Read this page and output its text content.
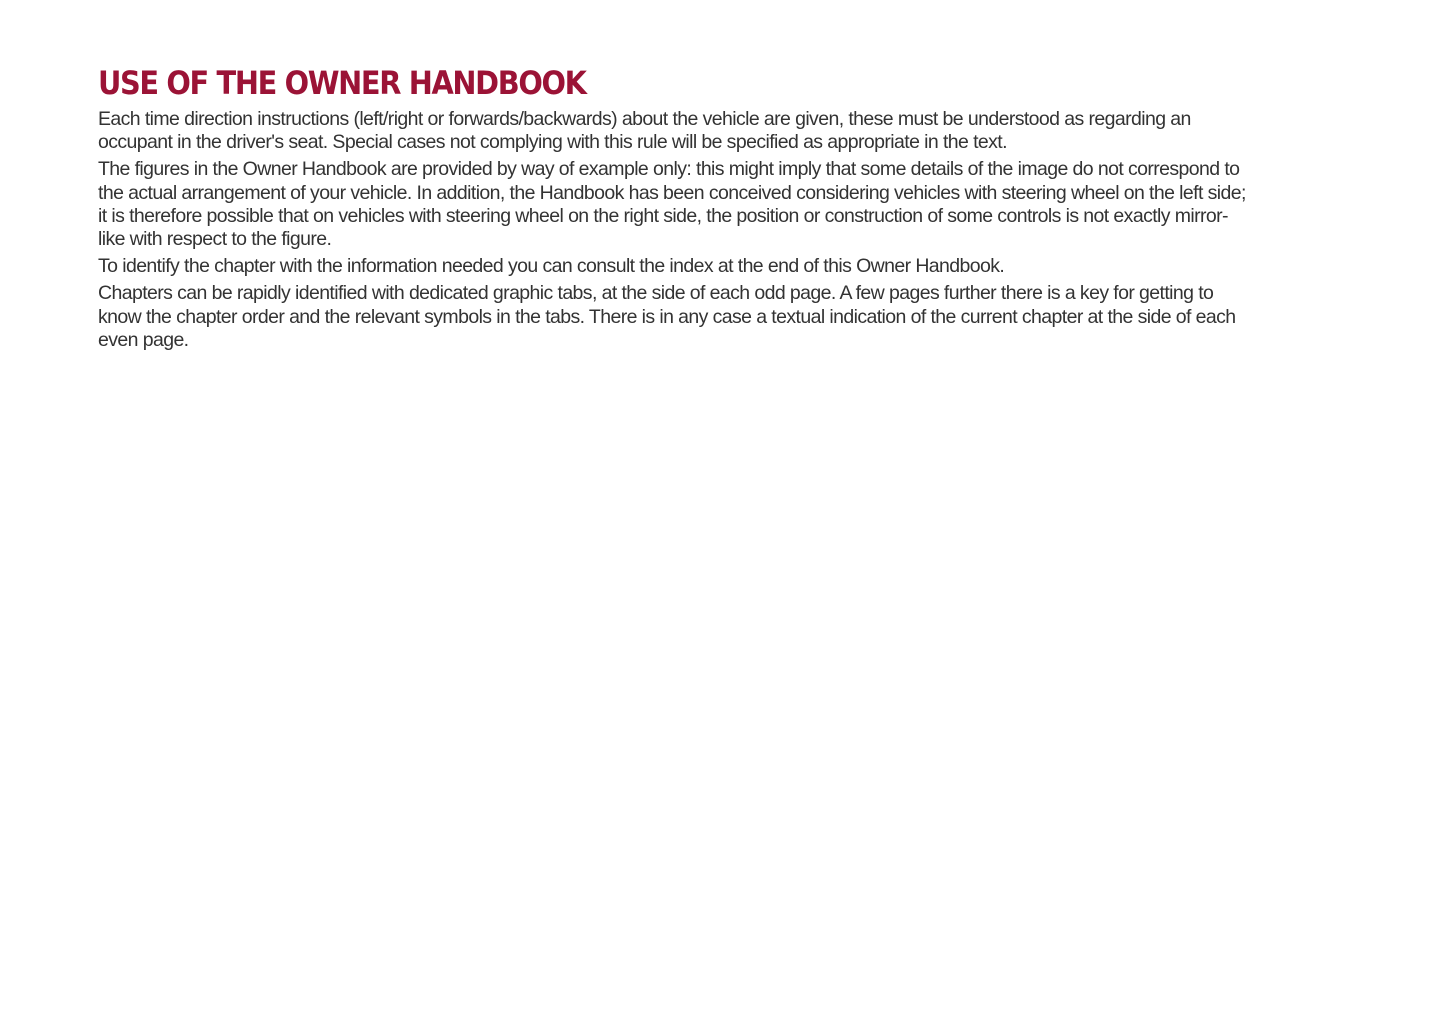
USE OF THE OWNER HANDBOOK

Each time direction instructions (left/right or forwards/backwards) about the vehicle are given, these must be understood as regarding an occupant in the driver's seat. Special cases not complying with this rule will be specified as appropriate in the text.

The figures in the Owner Handbook are provided by way of example only: this might imply that some details of the image do not correspond to the actual arrangement of your vehicle. In addition, the Handbook has been conceived considering vehicles with steering wheel on the left side; it is therefore possible that on vehicles with steering wheel on the right side, the position or construction of some controls is not exactly mirror-like with respect to the figure.

To identify the chapter with the information needed you can consult the index at the end of this Owner Handbook.

Chapters can be rapidly identified with dedicated graphic tabs, at the side of each odd page. A few pages further there is a key for getting to know the chapter order and the relevant symbols in the tabs. There is in any case a textual indication of the current chapter at the side of each even page.
